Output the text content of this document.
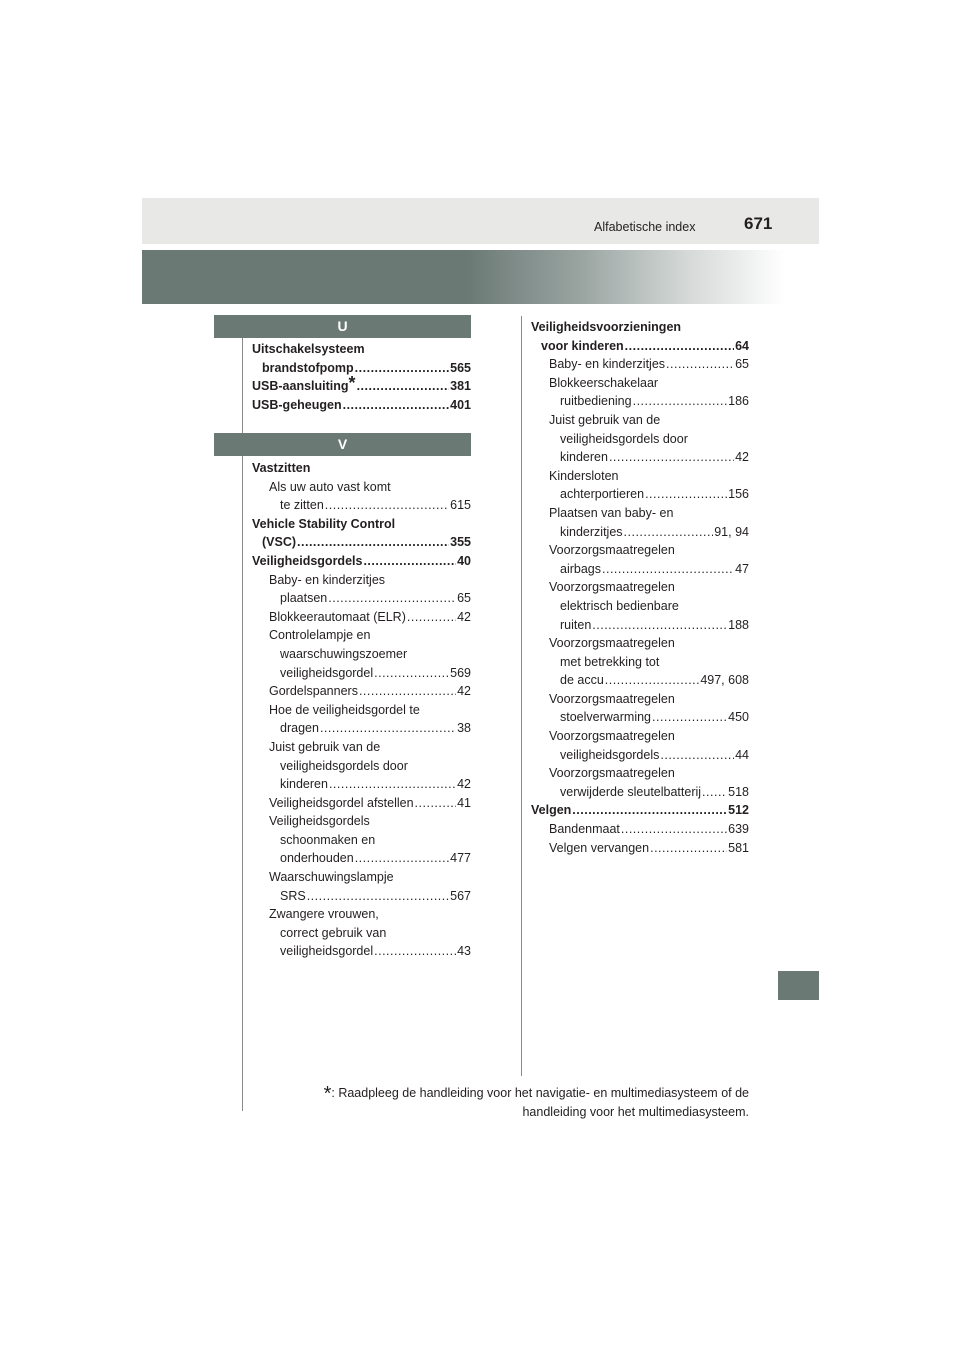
Alfabetische index	671
U
Uitschakelsysteem
brandstofpomp .....	565
USB-aansluiting* .....	381
USB-geheugen .....	401
V
Vastzitten
Als uw auto vast komt
te zitten .....	615
Vehicle Stability Control
(VSC) .....	355
Veiligheidsgordels .....	40
Baby- en kinderzitjes
plaatsen .....	65
Blokkeerautomaat (ELR) .....	42
Controlelampje en
waarschuwingszoemer
veiligheidsgordel .....	569
Gordelspanners .....	42
Hoe de veiligheidsgordel te
dragen .....	38
Juist gebruik van de
veiligheidsgordels door
kinderen .....	42
Veiligheidsgordel afstellen .....	41
Veiligheidsgordels
schoonmaken en
onderhouden .....	477
Waarschuwingslampje
SRS .....	567
Zwangere vrouwen,
correct gebruik van
veiligheidsgordel .....	43
Veiligheidsvoorzieningen
voor kinderen .....	64
Baby- en kinderzitjes .....	65
Blokkeerschakelaar
ruitbediening .....	186
Juist gebruik van de
veiligheidsgordels door
kinderen .....	42
Kindersloten
achterportieren .....	156
Plaatsen van baby- en
kinderzitjes .....	91, 94
Voorzorgsmaatregelen
airbags .....	47
Voorzorgsmaatregelen
elektrisch bedienbare
ruiten .....	188
Voorzorgsmaatregelen
met betrekking tot
de accu .....	497, 608
Voorzorgsmaatregelen
stoelverwarming .....	450
Voorzorgsmaatregelen
veiligheidsgordels .....	44
Voorzorgsmaatregelen
verwijderde sleutelbatterij ..... 518
Velgen .....	512
Bandenmaat .....	639
Velgen vervangen .....	581
*: Raadpleeg de handleiding voor het navigatie- en multimediasysteem of de
handleiding voor het multimediasysteem.
